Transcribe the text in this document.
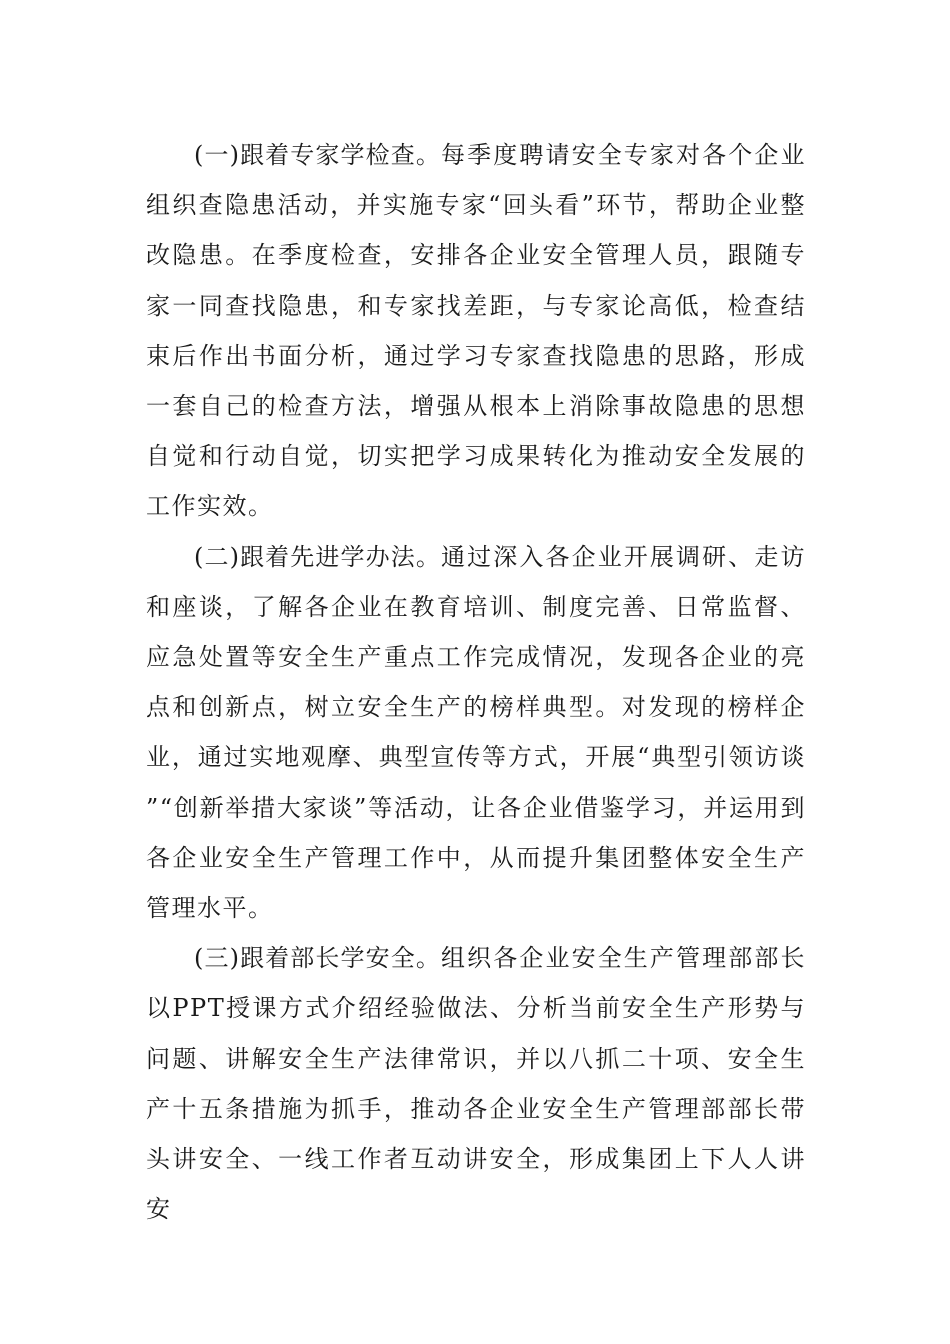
(一)跟着专家学检查。每季度聘请安全专家对各个企业组织查隐患活动，并实施专家“回头看”环节，帮助企业整改隐患。在季度检查，安排各企业安全管理人员，跟随专家一同查找隐患，和专家找差距，与专家论高低，检查结束后作出书面分析，通过学习专家查找隐患的思路，形成一套自己的检查方法，增强从根本上消除事故隐患的思想自觉和行动自觉，切实把学习成果转化为推动安全发展的工作实效。

(二)跟着先进学办法。通过深入各企业开展调研、走访和座谈，了解各企业在教育培训、制度完善、日常监督、应急处置等安全生产重点工作完成情况，发现各企业的亮点和创新点，树立安全生产的榜样典型。对发现的榜样企业，通过实地观摩、典型宣传等方式，开展“典型引领访谈”“创新举措大家谈”等活动，让各企业借鉴学习，并运用到各企业安全生产管理工作中，从而提升集团整体安全生产管理水平。

(三)跟着部长学安全。组织各企业安全生产管理部部长以PPT授课方式介绍经验做法、分析当前安全生产形势与问题、讲解安全生产法律常识，并以八抓二十项、安全生产十五条措施为抓手，推动各企业安全生产管理部部长带头讲安全、一线工作者互动讲安全，形成集团上下人人讲安
